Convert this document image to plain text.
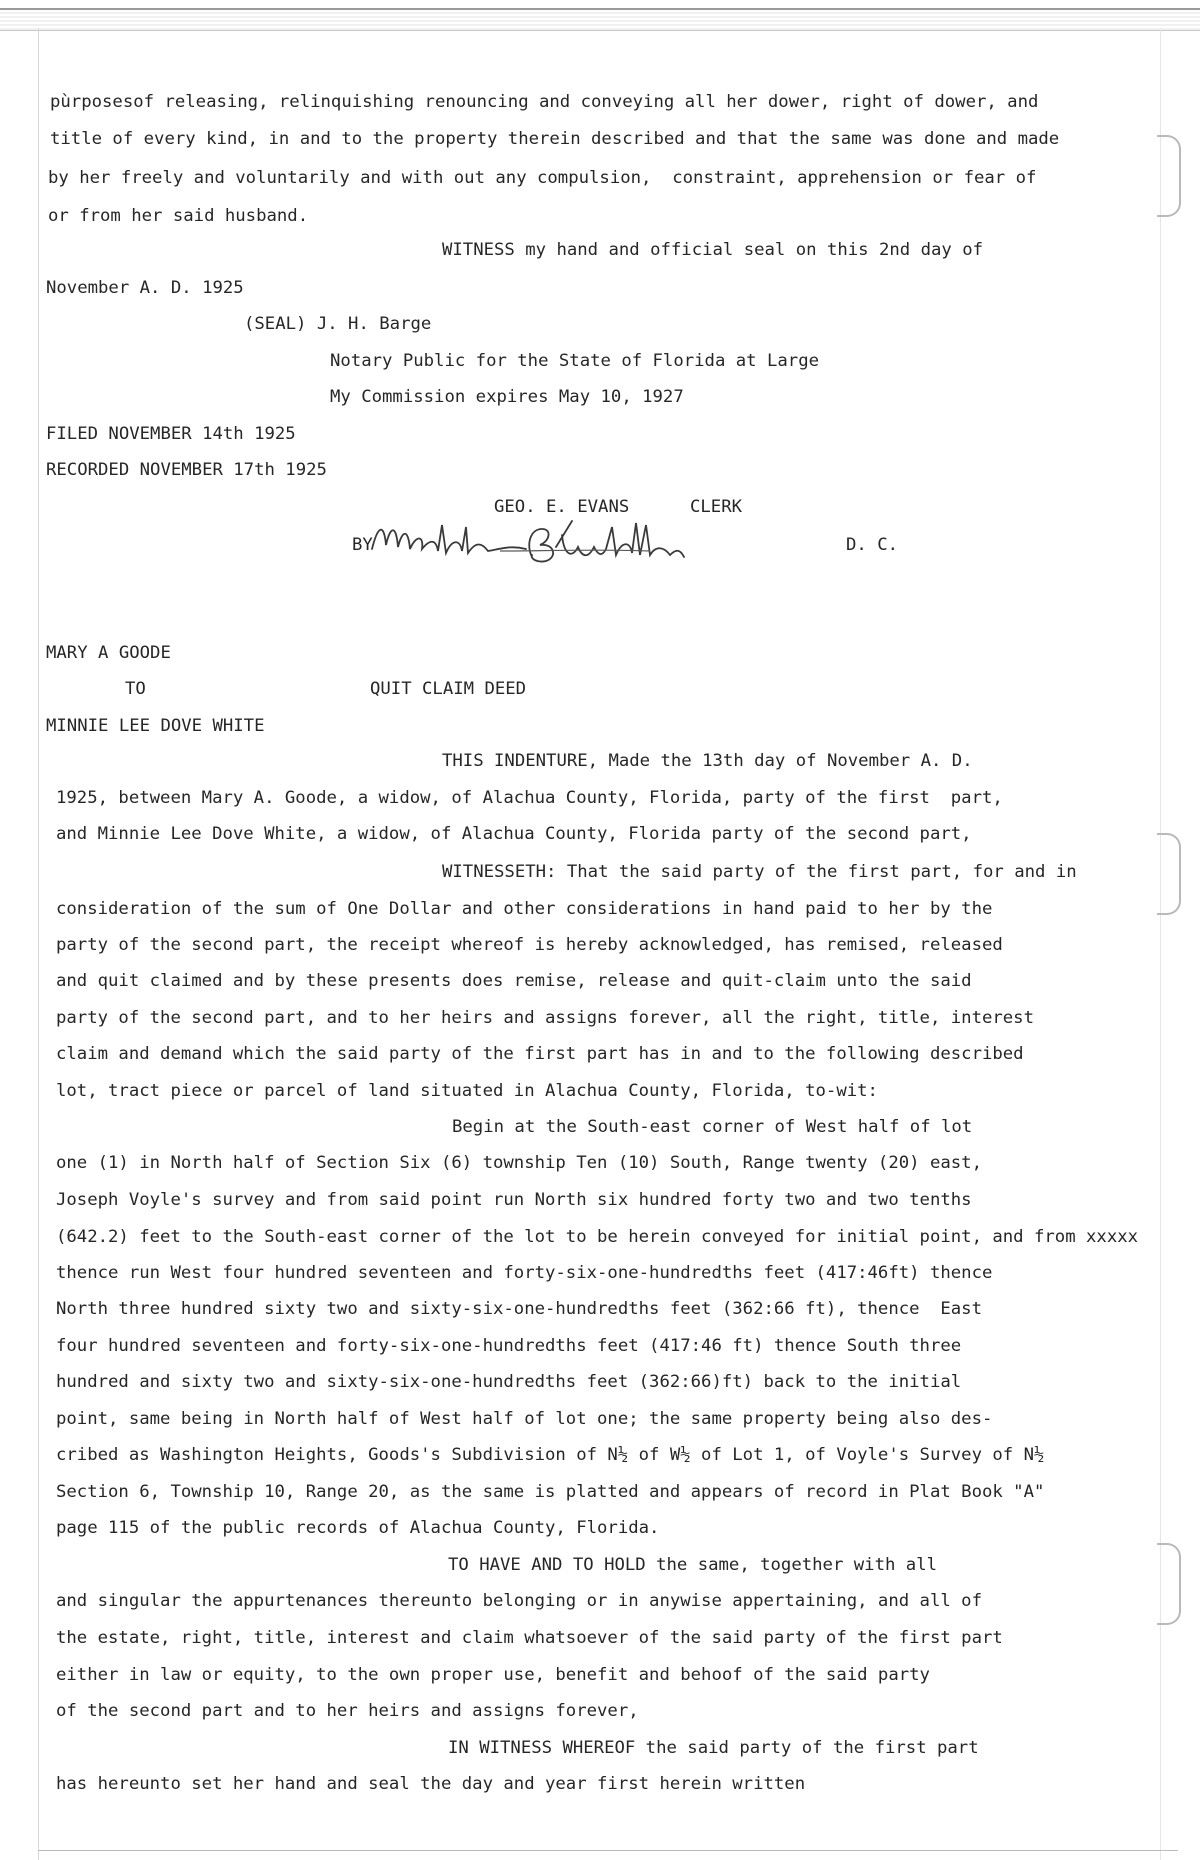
pùrposesof releasing, relinquishing renouncing and conveying all her dower, right of dower, and
title of every kind, in and to the property therein described and that the same was done and made
by her freely and voluntarily and with out any compulsion,  constraint, apprehension or fear of
or from her said husband.
WITNESS my hand and official seal on this 2nd day of
November A. D. 1925
(SEAL) J. H. Barge
Notary Public for the State of Florida at Large
My Commission expires May 10, 1927
FILED NOVEMBER 14th 1925
RECORDED NOVEMBER 17th 1925
GEO. E. EVANS	CLERK
BY	D. C.
MARY A GOODE
TO	QUIT CLAIM DEED
MINNIE LEE DOVE WHITE
THIS INDENTURE, Made the 13th day of November A. D.
1925, between Mary A. Goode, a widow, of Alachua County, Florida, party of the first  part,
and Minnie Lee Dove White, a widow, of Alachua County, Florida party of the second part,
WITNESSETH: That the said party of the first part, for and in
consideration of the sum of One Dollar and other considerations in hand paid to her by the
party of the second part, the receipt whereof is hereby acknowledged, has remised, released
and quit claimed and by these presents does remise, release and quit-claim unto the said
party of the second part, and to her heirs and assigns forever, all the right, title, interest
claim and demand which the said party of the first part has in and to the following described
lot, tract piece or parcel of land situated in Alachua County, Florida, to-wit:
Begin at the South-east corner of West half of lot
one (1) in North half of Section Six (6) township Ten (10) South, Range twenty (20) east,
Joseph Voyle's survey and from said point run North six hundred forty two and two tenths
(642.2) feet to the South-east corner of the lot to be herein conveyed for initial point, and from xxxxx
thence run West four hundred seventeen and forty-six-one-hundredths feet (417:46ft) thence
North three hundred sixty two and sixty-six-one-hundredths feet (362:66 ft), thence  East
four hundred seventeen and forty-six-one-hundredths feet (417:46 ft) thence South three
hundred and sixty two and sixty-six-one-hundredths feet (362:66)ft) back to the initial
point, same being in North half of West half of lot one; the same property being also des-
cribed as Washington Heights, Goods's Subdivision of N½ of W½ of Lot 1, of Voyle's Survey of N½
Section 6, Township 10, Range 20, as the same is platted and appears of record in Plat Book "A"
page 115 of the public records of Alachua County, Florida.
TO HAVE AND TO HOLD the same, together with all
and singular the appurtenances thereunto belonging or in anywise appertaining, and all of
the estate, right, title, interest and claim whatsoever of the said party of the first part
either in law or equity, to the own proper use, benefit and behoof of the said party
of the second part and to her heirs and assigns forever,
IN WITNESS WHEREOF the said party of the first part
has hereunto set her hand and seal the day and year first herein written
